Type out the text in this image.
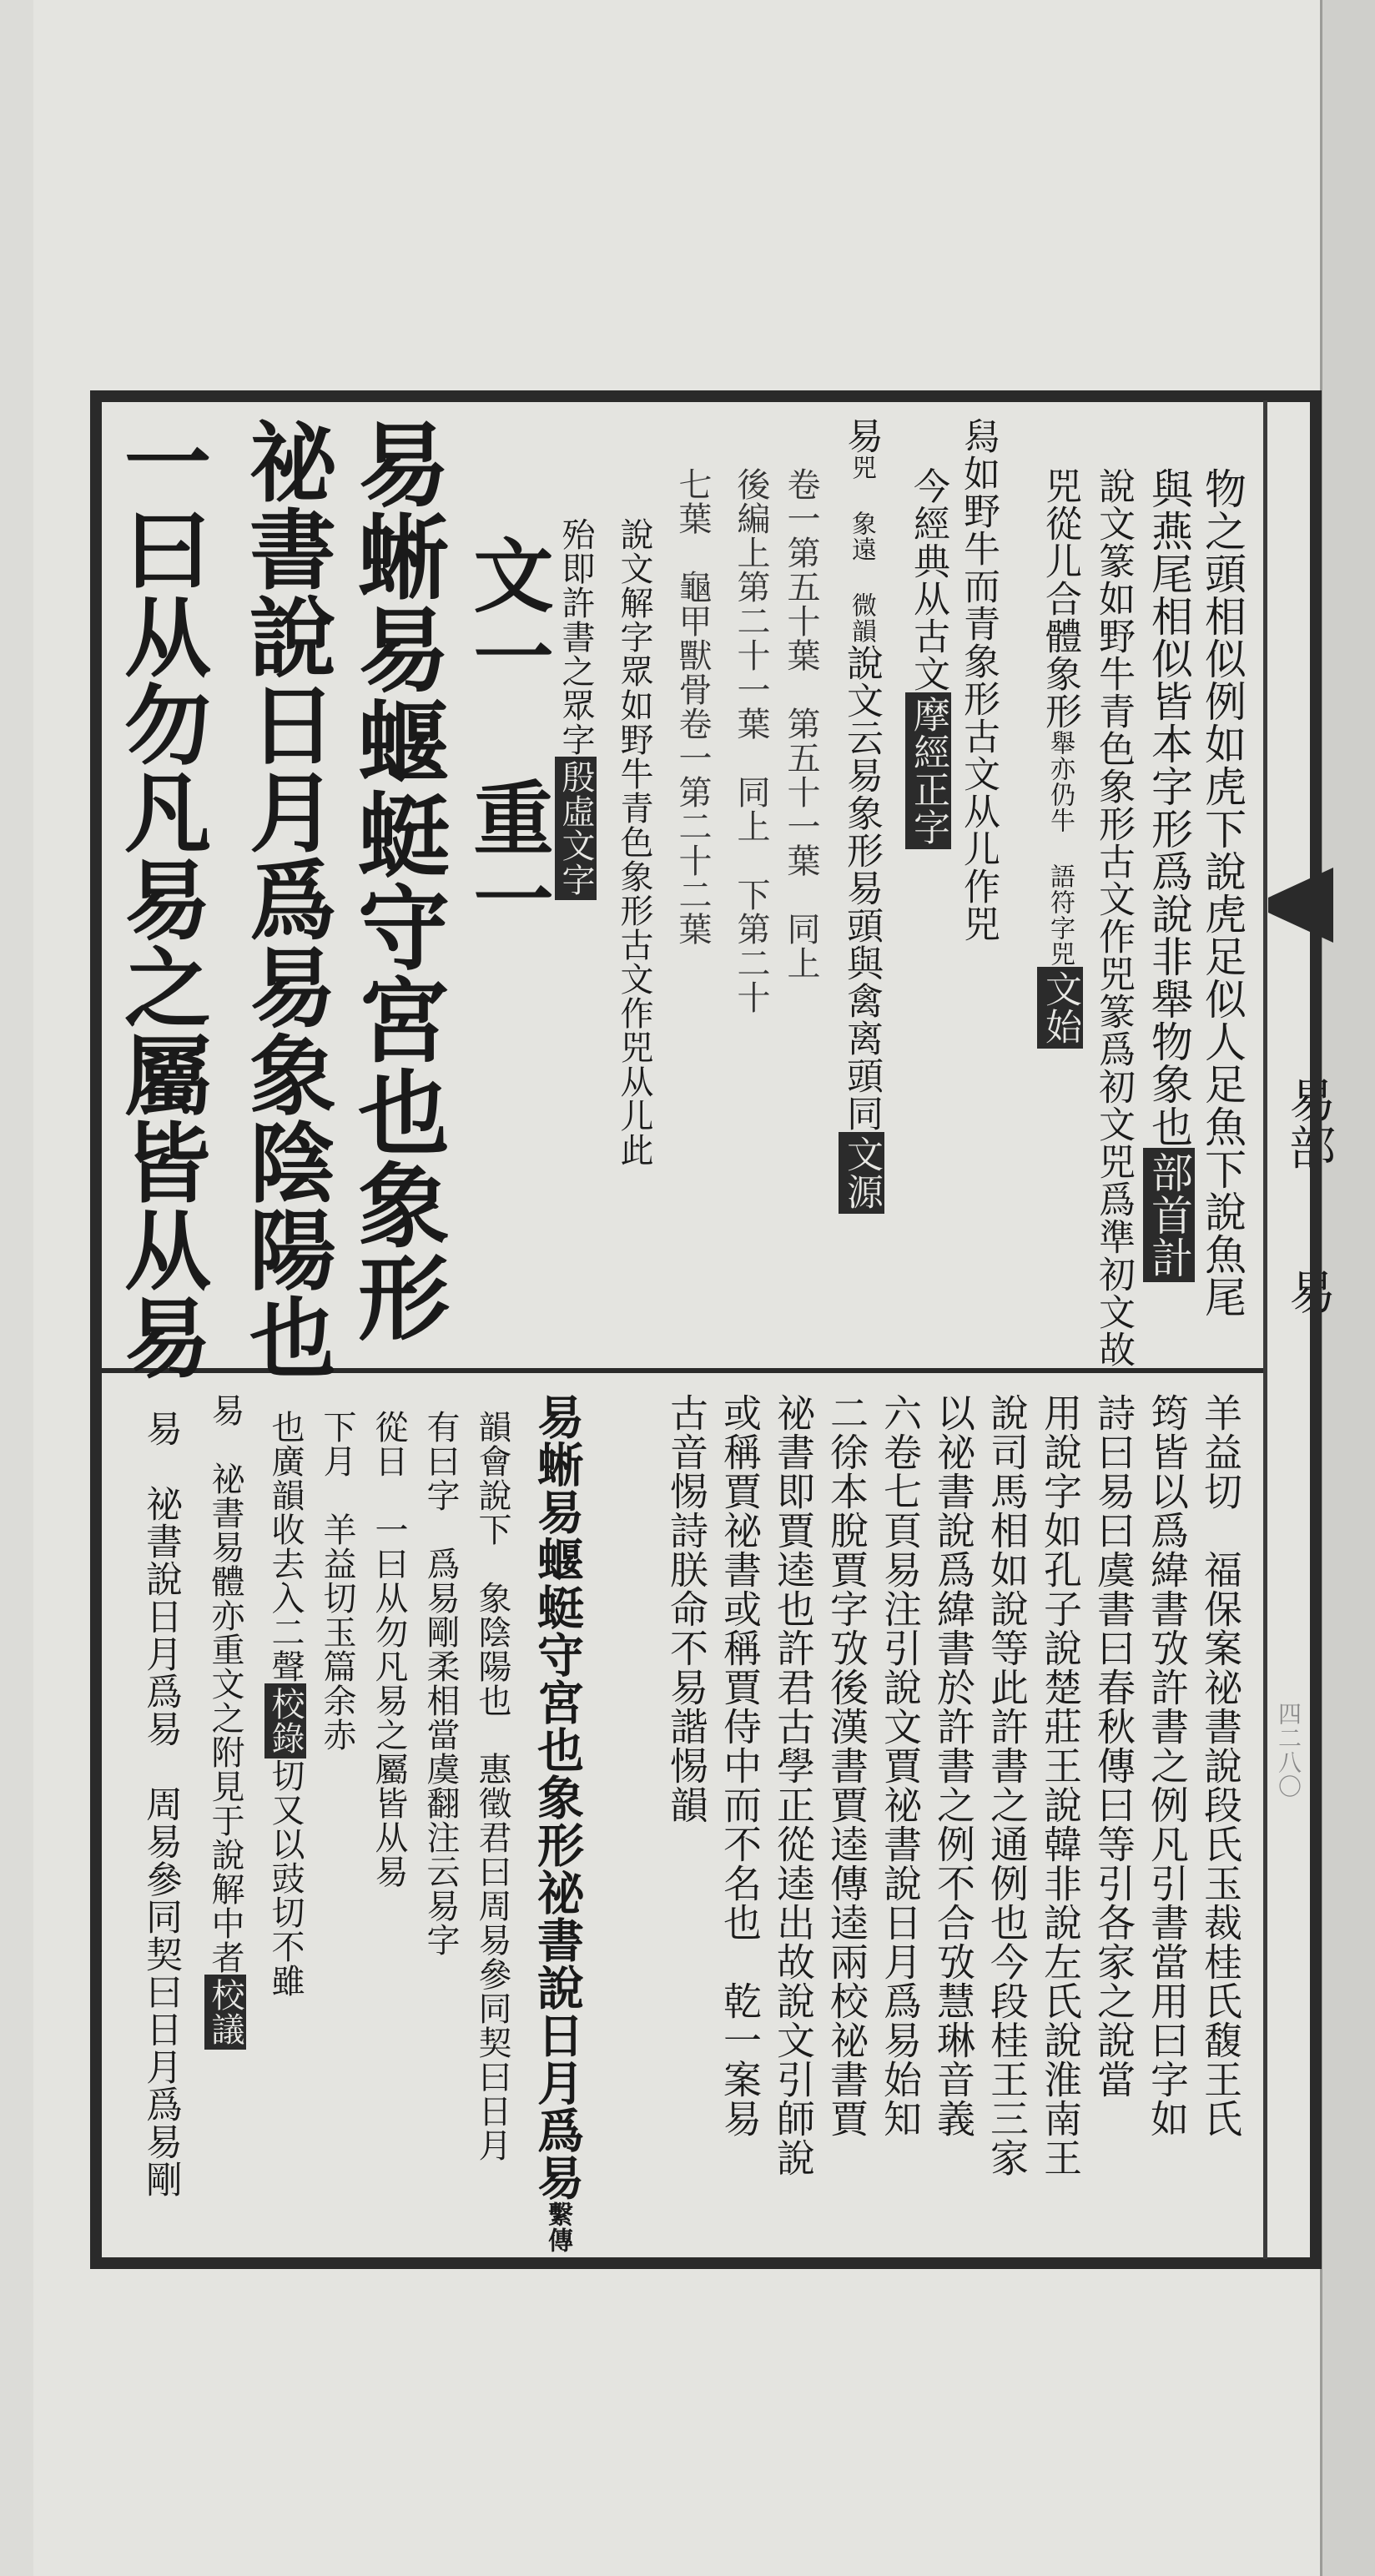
易部
易
四二八〇
物之頭相似例如虎下說虎足似人足魚下說魚尾
與燕尾相似皆本字形爲說非舉物象也部首計
說文篆如野牛青色象形古文作兕篆爲初文兕爲準初文故
兕從儿合體象形舉亦仍牛 語符字兕文始
舄如野牛而青象形古文从儿作兕
今經典从古文摩經正字
易兕 象遠 微韻說文云易象形易頭與禽离頭同文源
卷一第五十葉　第五十一葉　同上
後編上第二十一葉　同上　下第二十
七葉　龜甲獸骨卷一第二十二葉
說文解字眾如野牛青色象形古文作兕从儿此
殆即許書之眾字殷虛文字
文一　重一
易蜥易蝘蜓守宮也象形
祕書說日月爲易象陰陽也
一曰从勿凡易之屬皆从易
羊益切　福保案祕書說段氏玉裁桂氏馥王氏
筠皆以爲緯書攷許書之例凡引書當用曰字如
詩曰易曰虞書曰春秋傳曰等引各家之說當
用說字如孔子說楚莊王說韓非說左氏說淮南王
說司馬相如說等此許書之通例也今段桂王三家
以祕書說爲緯書於許書之例不合攷慧琳音義
六卷七頁易注引說文賈祕書說日月爲易始知
二徐本脫賈字攷後漢書賈逵傳逵兩校祕書賈
祕書即賈逵也許君古學正從逵出故說文引師說
或稱賈祕書或稱賈侍中而不名也　乾一案易
古音惕詩朕命不易諧惕韻
易蜥易蝘蜓守宮也象形祕書說日月爲易繫傳
韻會說下　象陰陽也　惠徵君曰周易參同契曰日月
有曰字　爲易剛柔相當虞翻注云易字
從日　一曰从勿凡易之屬皆从易
下月　羊益切玉篇余赤
也廣韻收去入二聲校錄切又以豉切不雖
易　祕書易體亦重文之附見于說解中者校議
易　祕書說日月爲易　周易參同契曰日月爲易剛
